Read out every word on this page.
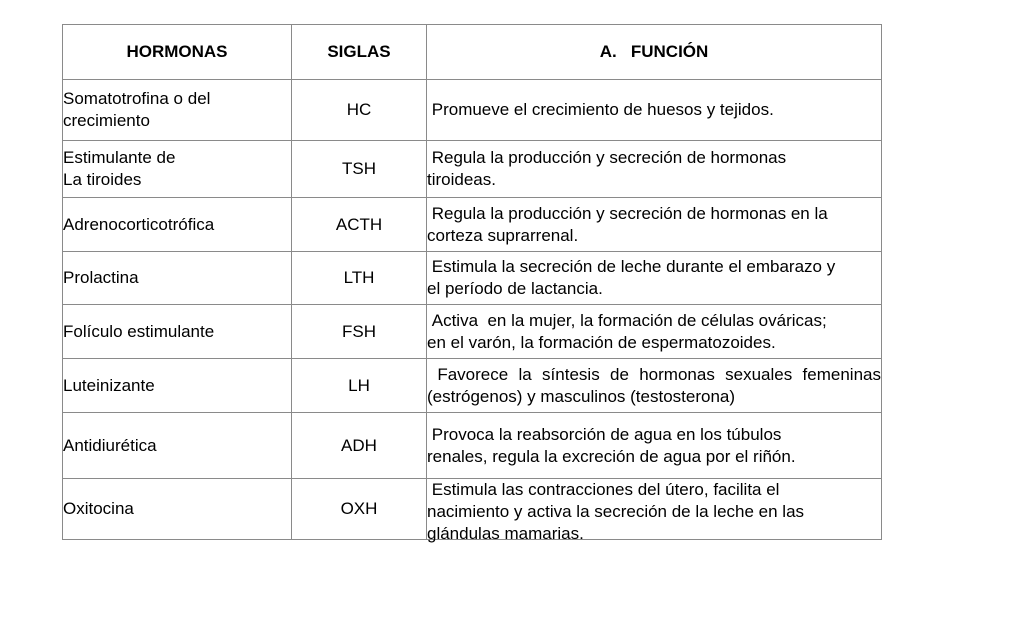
HORMONAS	SIGLAS	A.   FUNCIÓN
Somatotrofina o del
crecimiento	HC	Promueve el crecimiento de huesos y tejidos.

Estimulante de
La tiroides	TSH	Regula la producción y secreción de hormonas
tiroideas.

Adrenocorticotrófica	ACTH	Regula la producción y secreción de hormonas en la
corteza suprarrenal.

Prolactina	LTH	Estimula la secreción de leche durante el embarazo y
el período de lactancia.

Folículo estimulante	FSH	Activa  en la mujer, la formación de células ováricas;
en el varón, la formación de espermatozoides.

Luteinizante	LH	Favorece la síntesis de hormonas sexuales femeninas (estrógenos) y masculinos (testosterona)

Antidiurética	ADH	Provoca la reabsorción de agua en los túbulos
renales, regula la excreción de agua por el riñón.

Oxitocina	OXH	Estimula las contracciones del útero, facilita el
nacimiento y activa la secreción de la leche en las
glándulas mamarias.
